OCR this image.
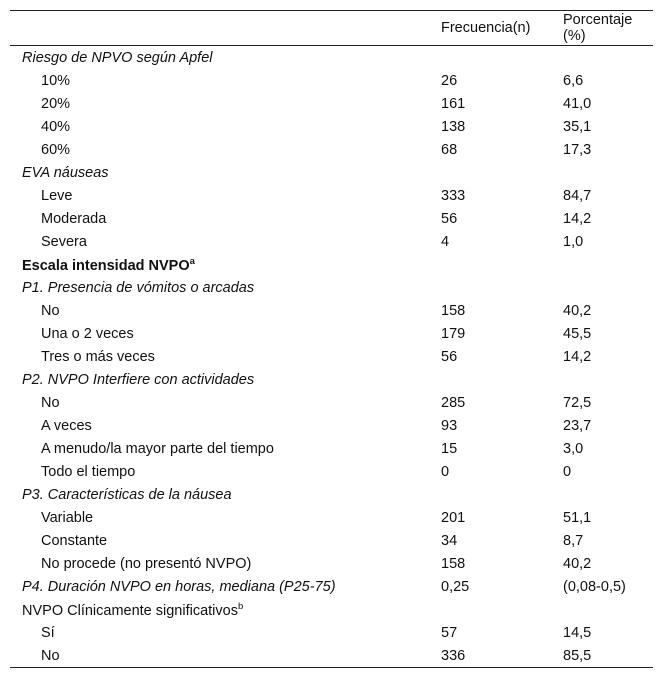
	Frecuencia(n)	Porcentaje (%)
Riesgo de NPVO según Apfel		
10%	26	6,6
20%	161	41,0
40%	138	35,1
60%	68	17,3
EVA náuseas		
Leve	333	84,7
Moderada	56	14,2
Severa	4	1,0
Escala intensidad NVPO$^a$		
P1. Presencia de vómitos o arcadas		
No	158	40,2
Una o 2 veces	179	45,5
Tres o más veces	56	14,2
P2. NVPO Interfiere con actividades		
No	285	72,5
A veces	93	23,7
A menudo/la mayor parte del tiempo	15	3,0
Todo el tiempo	0	0
P3. Características de la náusea		
Variable	201	51,1
Constante	34	8,7
No procede (no presentó NVPO)	158	40,2
P4. Duración NVPO en horas, mediana (P25-75)	0,25	(0,08-0,5)
NVPO Clínicamente significativos$^b$		
Sí	57	14,5
No	336	85,5
